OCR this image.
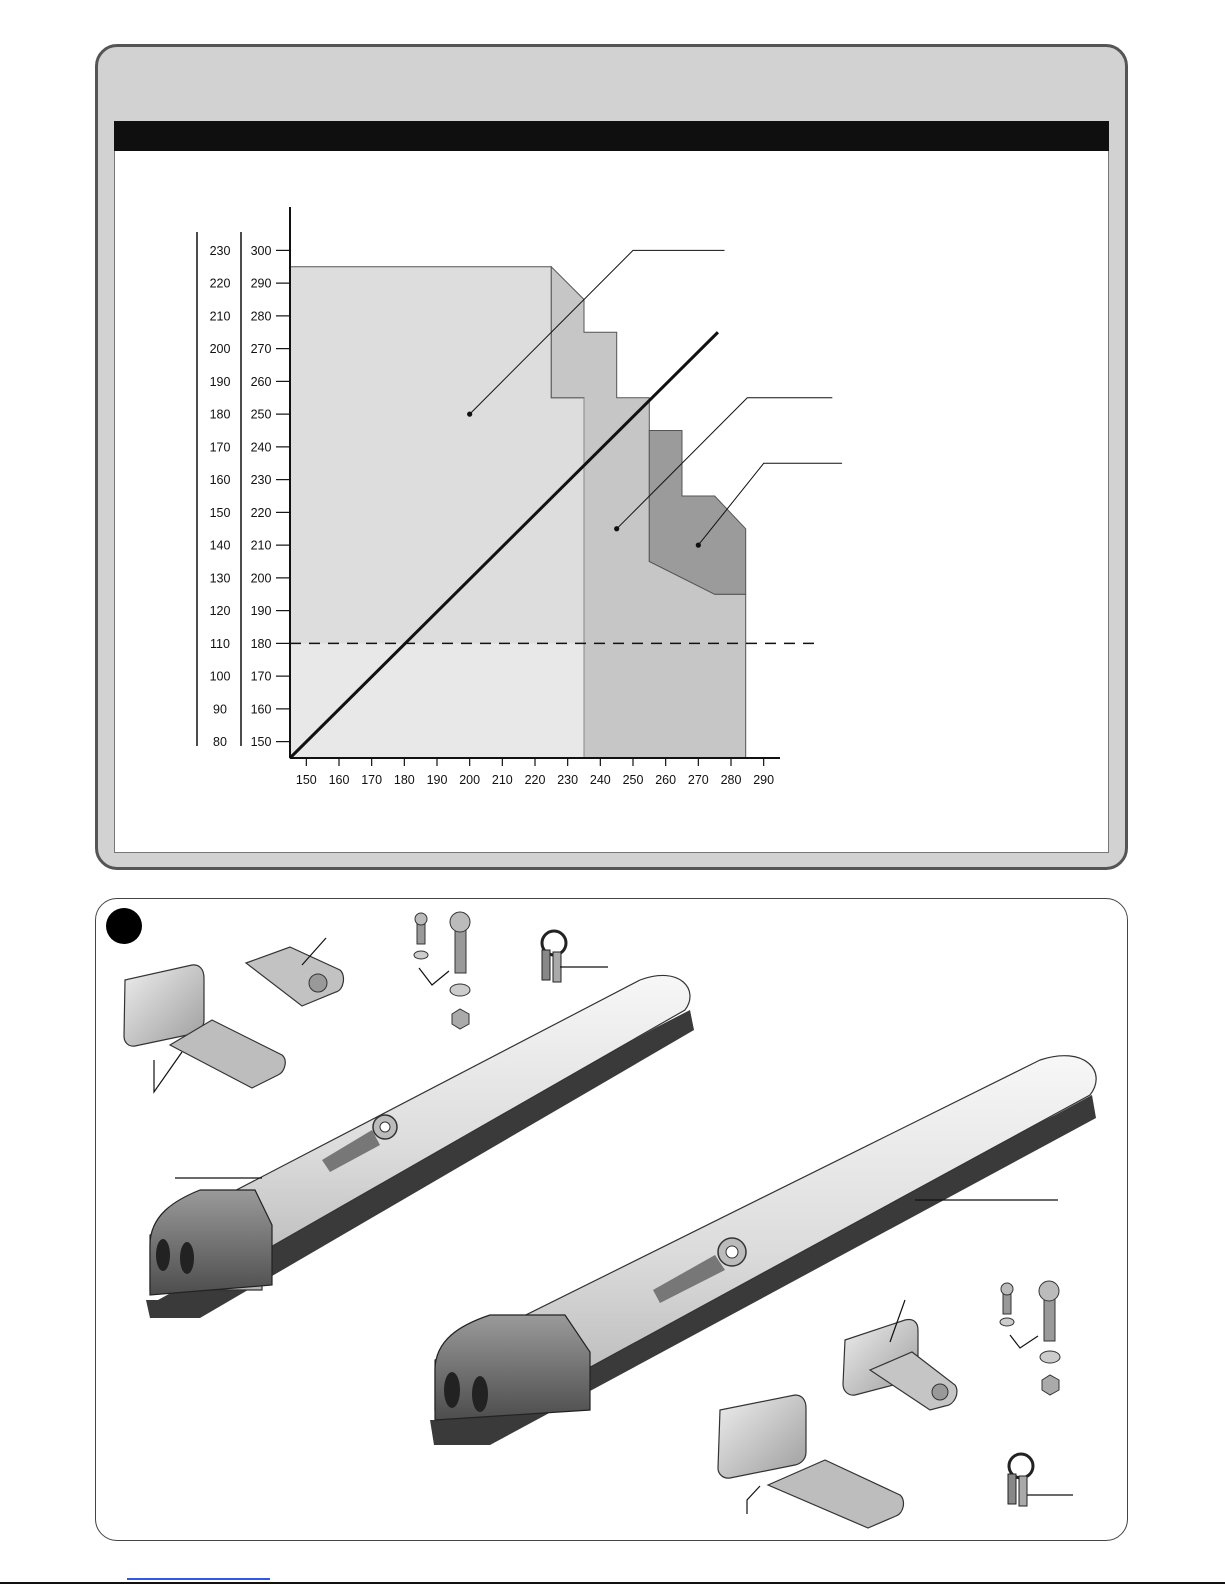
150 160 170 180 190 200 210 220 230 240 250 260 270 280 290
150
160
170
180
190
200
210
220
230
240
250
260
270
280
290
300
80
90
100
110
120
130
140
150
160
170
180
190
200
210
220
230
